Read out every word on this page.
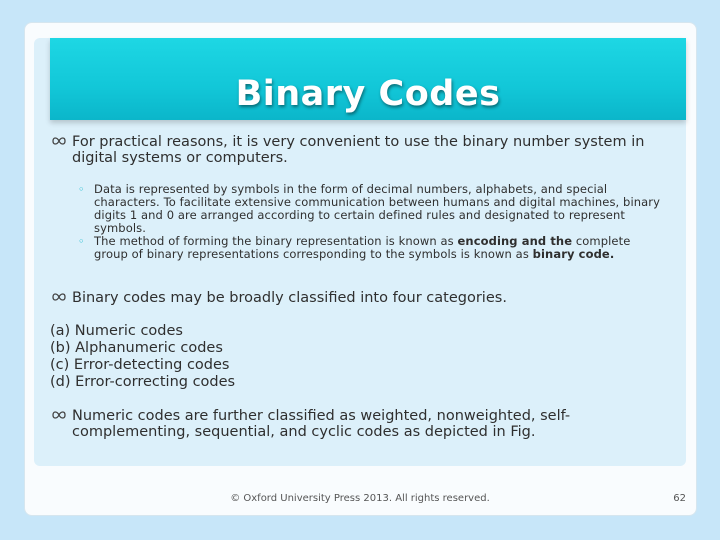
Binary Codes
For practical reasons, it is very convenient to use the binary number system in digital systems or computers.
◦ Data is represented by symbols in the form of decimal numbers, alphabets, and special characters. To facilitate extensive communication between humans and digital machines, binary digits 1 and 0 are arranged according to certain defined rules and designated to represent symbols.
◦ The method of forming the binary representation is known as encoding and the complete group of binary representations corresponding to the symbols is known as binary code.
Binary codes may be broadly classified into four categories.
(a) Numeric codes
(b) Alphanumeric codes
(c) Error-detecting codes
(d) Error-correcting codes
Numeric codes are further classified as weighted, nonweighted, self-complementing, sequential, and cyclic codes as depicted in Fig.
© Oxford University Press 2013. All rights reserved.	62
